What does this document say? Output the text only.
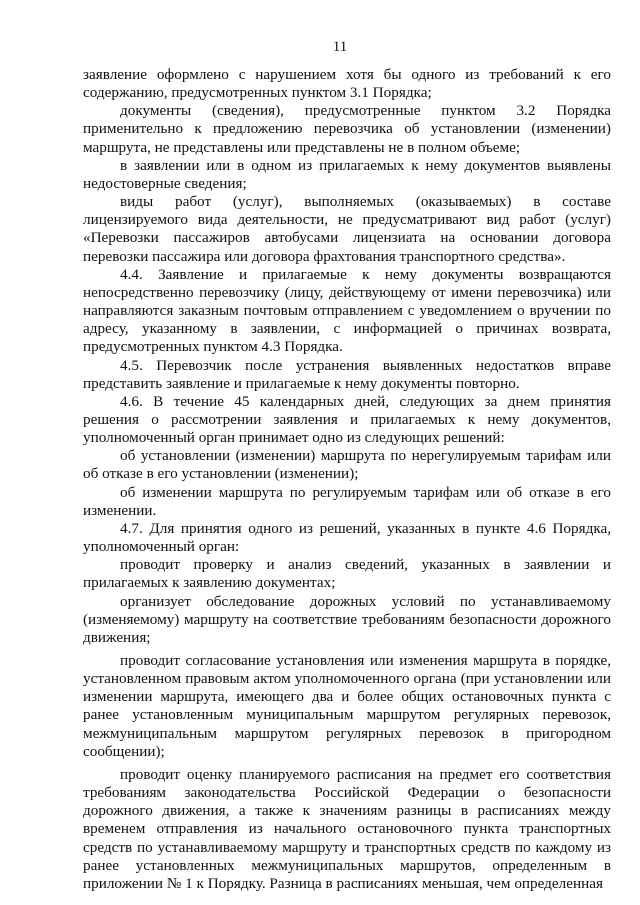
11

заявление оформлено с нарушением хотя бы одного из требований к его содержанию, предусмотренных пунктом 3.1 Порядка;

документы (сведения), предусмотренные пунктом 3.2 Порядка применительно к предложению перевозчика об установлении (изменении) маршрута, не представлены или представлены не в полном объеме;

в заявлении или в одном из прилагаемых к нему документов выявлены недостоверные сведения;

виды работ (услуг), выполняемых (оказываемых) в составе лицензируемого вида деятельности, не предусматривают вид работ (услуг) «Перевозки пассажиров автобусами лицензиата на основании договора перевозки пассажира или договора фрахтования транспортного средства».

4.4. Заявление и прилагаемые к нему документы возвращаются непосредственно перевозчику (лицу, действующему от имени перевозчика) или направляются заказным почтовым отправлением с уведомлением о вручении по адресу, указанному в заявлении, с информацией о причинах возврата, предусмотренных пунктом 4.3 Порядка.

4.5. Перевозчик после устранения выявленных недостатков вправе представить заявление и прилагаемые к нему документы повторно.

4.6. В течение 45 календарных дней, следующих за днем принятия решения о рассмотрении заявления и прилагаемых к нему документов, уполномоченный орган принимает одно из следующих решений:

об установлении (изменении) маршрута по нерегулируемым тарифам или об отказе в его установлении (изменении);

об изменении маршрута по регулируемым тарифам или об отказе в его изменении.

4.7. Для принятия одного из решений, указанных в пункте 4.6 Порядка, уполномоченный орган:

проводит проверку и анализ сведений, указанных в заявлении и прилагаемых к заявлению документах;

организует обследование дорожных условий по устанавливаемому (изменяемому) маршруту на соответствие требованиям безопасности дорожного движения;

проводит согласование установления или изменения маршрута в порядке, установленном правовым актом уполномоченного органа (при установлении или изменении маршрута, имеющего два и более общих остановочных пункта с ранее установленным муниципальным маршрутом регулярных перевозок, межмуниципальным маршрутом регулярных перевозок в пригородном сообщении);

проводит оценку планируемого расписания на предмет его соответствия требованиям законодательства Российской Федерации о безопасности дорожного движения, а также к значениям разницы в расписаниях между временем отправления из начального остановочного пункта транспортных средств по устанавливаемому маршруту и транспортных средств по каждому из ранее установленных межмуниципальных маршрутов, определенным в приложении № 1 к Порядку. Разница в расписаниях меньшая, чем определенная
